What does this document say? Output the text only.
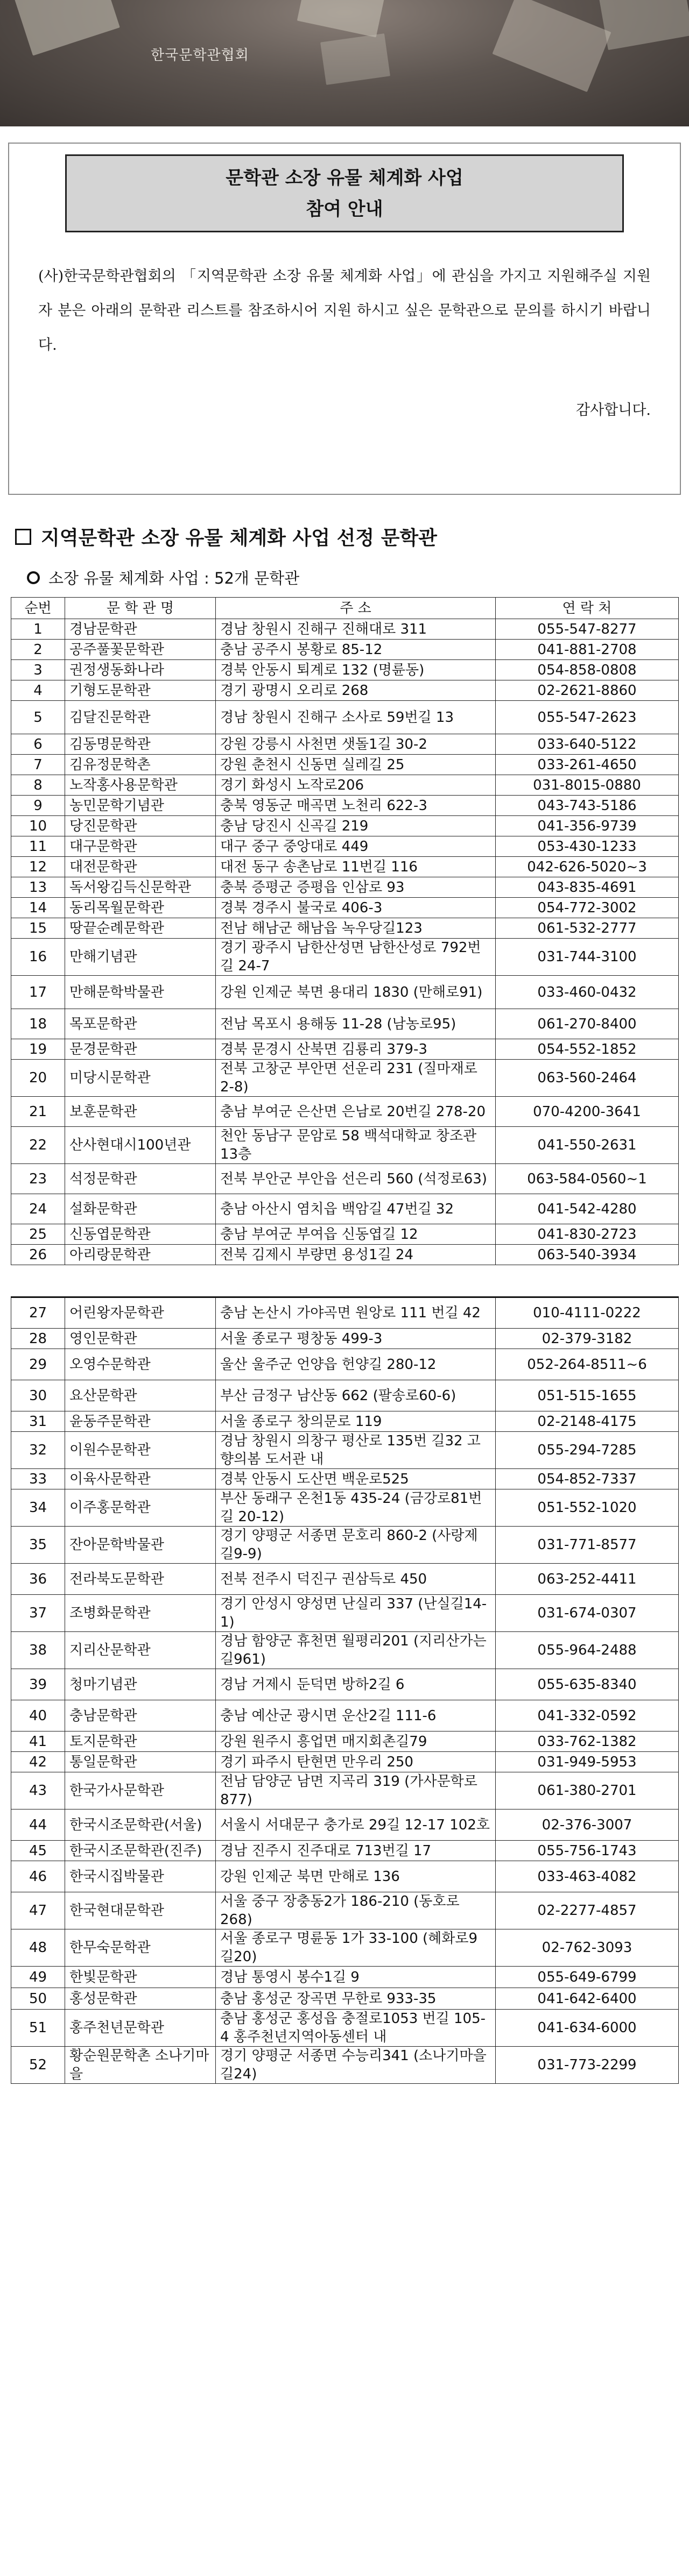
한국문학관협회
문학관 소장 유물 체계화 사업
참여 안내

(사)한국문학관협회의 「지역문학관 소장 유물 체계화 사업」에 관심을 가지고 지원해주실 지원자 분은 아래의 문학관 리스트를 참조하시어 지원 하시고 싶은 문학관으로 문의를 하시기 바랍니다.

감사합니다.

지역문학관 소장 유물 체계화 사업 선정 문학관
소장 유물 체계화 사업 : 52개 문학관
순번	문 학 관 명	주 소	연 락 처
1	경남문학관	경남 창원시 진해구 진해대로 311	055-547-8277
2	공주풀꽃문학관	충남 공주시 봉황로 85-12	041-881-2708
3	권정생동화나라	경북 안동시 퇴계로 132 (명륜동)	054-858-0808
4	기형도문학관	경기 광명시 오리로 268	02-2621-8860
5	김달진문학관	경남 창원시 진해구 소사로 59번길 13	055-547-2623
6	김동명문학관	강원 강릉시 사천면 샛돌1길 30-2	033-640-5122
7	김유정문학촌	강원 춘천시 신동면 실레길 25	033-261-4650
8	노작홍사용문학관	경기 화성시 노작로206	031-8015-0880
9	농민문학기념관	충북 영동군 매곡면 노천리 622-3	043-743-5186
10	당진문학관	충남 당진시 신곡길 219	041-356-9739
11	대구문학관	대구 중구 중앙대로 449	053-430-1233
12	대전문학관	대전 동구 송촌남로 11번길 116	042-626-5020~3
13	독서왕김득신문학관	충북 증평군 증평읍 인삼로 93	043-835-4691
14	동리목월문학관	경북 경주시 불국로 406-3	054-772-3002
15	땅끝순례문학관	전남 해남군 해남읍 녹우당길123	061-532-2777
16	만해기념관	경기 광주시 남한산성면 남한산성로 792번길 24-7	031-744-3100
17	만해문학박물관	강원 인제군 북면 용대리 1830 (만해로91)	033-460-0432
18	목포문학관	전남 목포시 용해동 11-28 (남농로95)	061-270-8400
19	문경문학관	경북 문경시 산북면 김룡리 379-3	054-552-1852
20	미당시문학관	전북 고창군 부안면 선운리 231 (질마재로2-8)	063-560-2464
21	보훈문학관	충남 부여군 은산면 은남로 20번길 278-20	070-4200-3641
22	산사현대시100년관	천안 동남구 문암로 58 백석대학교 창조관 13층	041-550-2631
23	석정문학관	전북 부안군 부안읍 선은리 560 (석정로63)	063-584-0560~1
24	설화문학관	충남 아산시 염치읍 백암길 47번길 32	041-542-4280
25	신동엽문학관	충남 부여군 부여읍 신동엽길 12	041-830-2723
26	아리랑문학관	전북 김제시 부량면 용성1길 24	063-540-3934
27	어린왕자문학관	충남 논산시 가야곡면 원앙로 111 번길 42	010-4111-0222
28	영인문학관	서울 종로구 평창동 499-3	02-379-3182
29	오영수문학관	울산 울주군 언양읍 헌양길 280-12	052-264-8511~6
30	요산문학관	부산 금정구 남산동 662 (팔송로60-6)	051-515-1655
31	윤동주문학관	서울 종로구 창의문로 119	02-2148-4175
32	이원수문학관	경남 창원시 의창구 평산로 135번 길32 고향의봄 도서관 내	055-294-7285
33	이육사문학관	경북 안동시 도산면 백운로525	054-852-7337
34	이주홍문학관	부산 동래구 온천1동 435-24 (금강로81번길 20-12)	051-552-1020
35	잔아문학박물관	경기 양평군 서종면 문호리 860-2 (사랑제길9-9)	031-771-8577
36	전라북도문학관	전북 전주시 덕진구 권삼득로 450	063-252-4411
37	조병화문학관	경기 안성시 양성면 난실리 337 (난실길14-1)	031-674-0307
38	지리산문학관	경남 함양군 휴천면 월평리201 (지리산가는길961)	055-964-2488
39	청마기념관	경남 거제시 둔덕면 방하2길 6	055-635-8340
40	충남문학관	충남 예산군 광시면 운산2길 111-6	041-332-0592
41	토지문학관	강원 원주시 흥업면 매지회촌길79	033-762-1382
42	통일문학관	경기 파주시 탄현면 만우리 250	031-949-5953
43	한국가사문학관	전남 담양군 남면 지곡리 319 (가사문학로877)	061-380-2701
44	한국시조문학관(서울)	서울시 서대문구 충가로 29길 12-17 102호	02-376-3007
45	한국시조문학관(진주)	경남 진주시 진주대로 713번길 17	055-756-1743
46	한국시집박물관	강원 인제군 북면 만해로 136	033-463-4082
47	한국현대문학관	서울 중구 장충동2가 186-210 (동호로268)	02-2277-4857
48	한무숙문학관	서울 종로구 명륜동 1가 33-100 (혜화로9길20)	02-762-3093
49	한빛문학관	경남 통영시 봉수1길 9	055-649-6799
50	홍성문학관	충남 홍성군 장곡면 무한로 933-35	041-642-6400
51	홍주천년문학관	충남 홍성군 홍성읍 충절로1053 번길 105-4 홍주천년지역아동센터 내	041-634-6000
52	황순원문학촌 소나기마을	경기 양평군 서종면 수능리341 (소나기마을길24)	031-773-2299
